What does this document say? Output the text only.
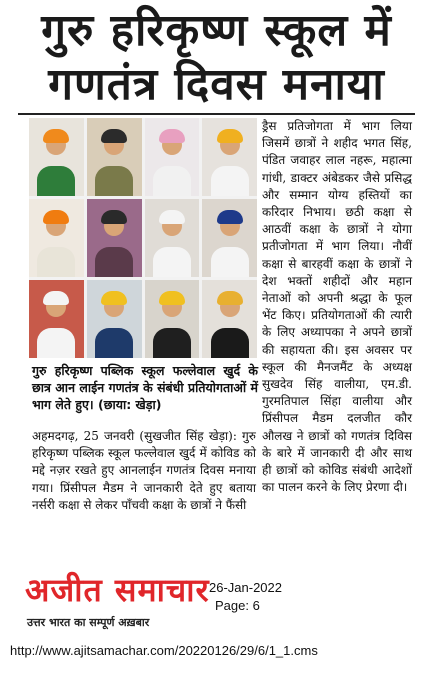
गुरु हरिकृष्ण स्कूल में
गणतंत्र दिवस मनाया
गुरु हरिकृष्ण पब्लिक स्कूल फल्लेवाल खुर्द के छात्र आन लाईन गणतंत्र के संबंधी प्रतियोगताओं में भाग लेते हुए। (छाया: खेड़ा)
अहमदगढ़, 25 जनवरी (सुखजीत सिंह खेड़ा): गुरु हरिकृष्ण पब्लिक स्कूल फल्लेवाल खुर्द में कोविड को मद्दे नज़र रखते हुए आनलाईन गणतंत्र दिवस मनाया गया। प्रिंसीपल मैडम ने जानकारी देते हुए बताया नर्सरी कक्षा से लेकर पाँचवी कक्षा के छात्रों ने फैंसी
ड्रैस प्रतिजोगता में भाग लिया जिसमें छात्रों ने शहीद भगत सिंह, पंडित जवाहर लाल नहरू, महात्मा गांधी, डाक्टर अंबेडकर जैसे प्रसिद्ध और सम्मान योग्य हस्तियों का करिदार निभाय। छठी कक्षा से आठवीं कक्षा के छात्रों ने योगा प्रतीजोगता में भाग लिया। नौवीं कक्षा से बारहवीं कक्षा के छात्रों ने देश भक्तों शहीदों और महान नेताओं को अपनी श्रद्धा के फूल भेंट किए। प्रतियोगताओं की त्यारी के लिए अध्यापका ने अपने छात्रों की सहायता की। इस अवसर पर स्कूल की मैनजमैंट के अध्यक्ष सुखदेव सिंह वालीया, एम.डी. गुरमतिपाल सिंहा वालीया और प्रिंसीपल मैडम दलजीत कौर औलख ने छात्रों को गणतंत्र दिविस के बारे में जानकारी दी और साथ ही छात्रों को कोविड संबंधी आदेशों का पालन करने के लिए प्रेरणा दी।
अजीत समाचार
उत्तर भारत का सम्पूर्ण अख़बार
26-Jan-2022
Page: 6
http://www.ajitsamachar.com/20220126/29/6/1_1.cms
